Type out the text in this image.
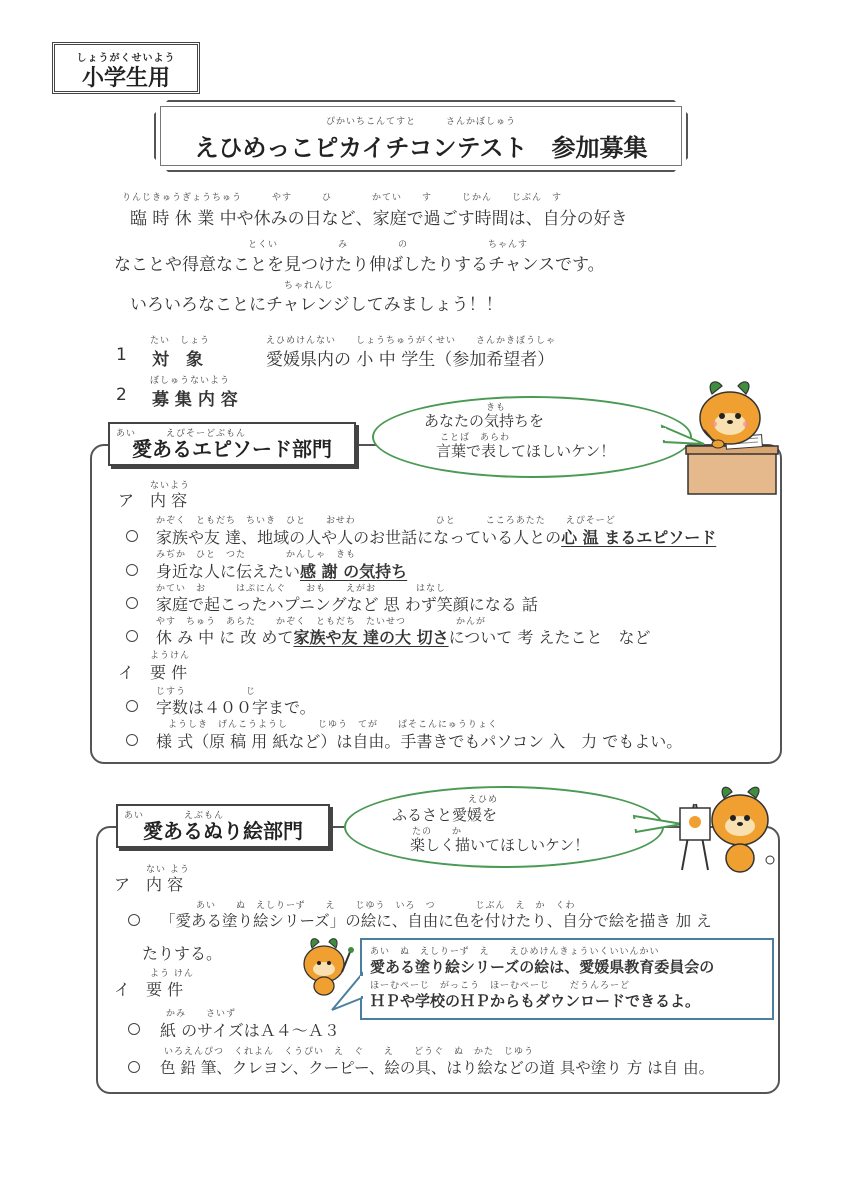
しょうがくせいよう
小学生用
ぴかいちこんてすと　　　さんかぼしゅう
えひめっこピカイチコンテスト　参加募集
りんじきゅうぎょうちゅう　　　やす　　　ひ　　　　かてい　　す　　　じかん　　じぶん　す
臨 時 休 業 中や休みの日など、家庭で過ごす時間は、自分の好き
とくい　　　　　　み　　　　　の　　　　　　　　ちゃんす
なことや得意なことを見つけたり伸ばしたりするチャンスです。
ちゃれんじ
いろいろなことにチャレンジしてみましょう！！
1
たい　しょう
対　象
えひめけんない　　しょうちゅうがくせい　　さんかきぼうしゃ
愛媛県内の 小 中 学生（参加希望者）
2
ぼしゅうないよう
募 集 内 容	きも
あなたの気持ちを
ことば　あらわ
言葉で表してほしいケン！
愛あるエピソード部門
あい　　　えぴそーどぶもん
ないよう
ア　内 容
かぞく　ともだち　ちいき　ひと　　おせわ　　　　　　　　ひと　　　こころあたた　　えぴそーど
家族や友 達、地域の人や人のお世話になっている人との心 温 まるエピソード
みぢか　ひと　つた　　　　かんしゃ　きも
身近な人に伝えたい感 謝 の気持ち
かてい　お　　　はぷにんぐ　　おも　　えがお　　　　はなし
家庭で起こったハプニングなど 思 わず笑顔になる 話
やす　ちゅう　あらた　　かぞく　ともだち　たいせつ　　　　　かんが
休 み 中 に 改 めて家族や友 達の大 切さについて 考 えたこと　など
ようけん
イ　要 件
じすう　　　　　　じ
字数は４００字まで。
ようしき　げんこうようし　　　じゆう　てが　　ぱそこんにゅうりょく
様 式（原 稿 用 紙など）は自由。手書きでもパソコン 入　力 でもよい。
えひめ
ふるさと愛媛を
たの　　か
楽しく描いてほしいケン！
愛あるぬり絵部門
あい　　　　えぶもん
ない よう
ア　内 容
あい　　ぬ　えしりーず　　え　　じゆう　いろ　つ　　　　じぶん　え　か　くわ
「愛ある塗り絵シリーズ」の絵に、自由に色を付けたり、自分で絵を描き 加 え
たりする。	あい　ぬ　えしりーず　え　　えひめけんきょういくいいんかい
愛ある塗り絵シリーズの絵は、愛媛県教育委員会の
ほーむぺーじ　がっこう　ほーむぺーじ　　だうんろーど
ＨＰや学校のＨＰからもダウンロードできるよ。
よう けん
イ　要 件
かみ　　さいず
紙 のサイズはＡ４～Ａ３
いろえんぴつ　くれよん　くうぴい　え　ぐ　　え　　どうぐ　ぬ　かた　じゆう
色 鉛 筆、クレヨン、クーピー、絵の具、はり絵などの道 具や塗り 方 は自 由。
